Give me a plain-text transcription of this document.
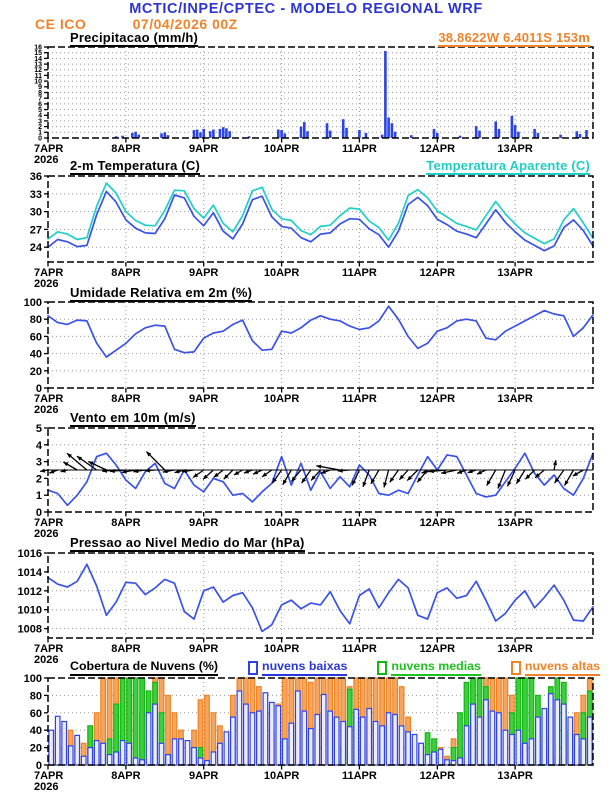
0
1
2
3
4
5
6
7
8
9
10
11
12
13
14
15
16
7APR
2026
8APR	9APR	10APR	11APR	12APR	13APR
24
27
30
33
36
7APR
2026
8APR	9APR	10APR	11APR	12APR	13APR
0
20
40
60
80
100
7APR
2026
8APR	9APR	10APR	11APR	12APR	13APR
0
1
2
3
4
5
7APR
2026
8APR	9APR	10APR	11APR	12APR	13APR
1008
1010
1012
1014
1016
7APR
2026
8APR	9APR	10APR	11APR	12APR	13APR
0
20
40
60
80
100
7APR
2026
8APR	9APR	10APR	11APR	12APR	13APR
MCTIC/INPE/CPTEC - MODELO REGIONAL WRF
CE ICO	07/04/2026 00Z
Precipitacao (mm/h)	38.8622W 6.4011S 153m
2-m Temperatura (C)	Temperatura Aparente (C)
Umidade Relativa em 2m (%)
Vento em 10m (m/s)
Pressao ao Nivel Medio do Mar (hPa)
Cobertura de Nuvens (%)	nuvens baixas	nuvens medias	nuvens altas
